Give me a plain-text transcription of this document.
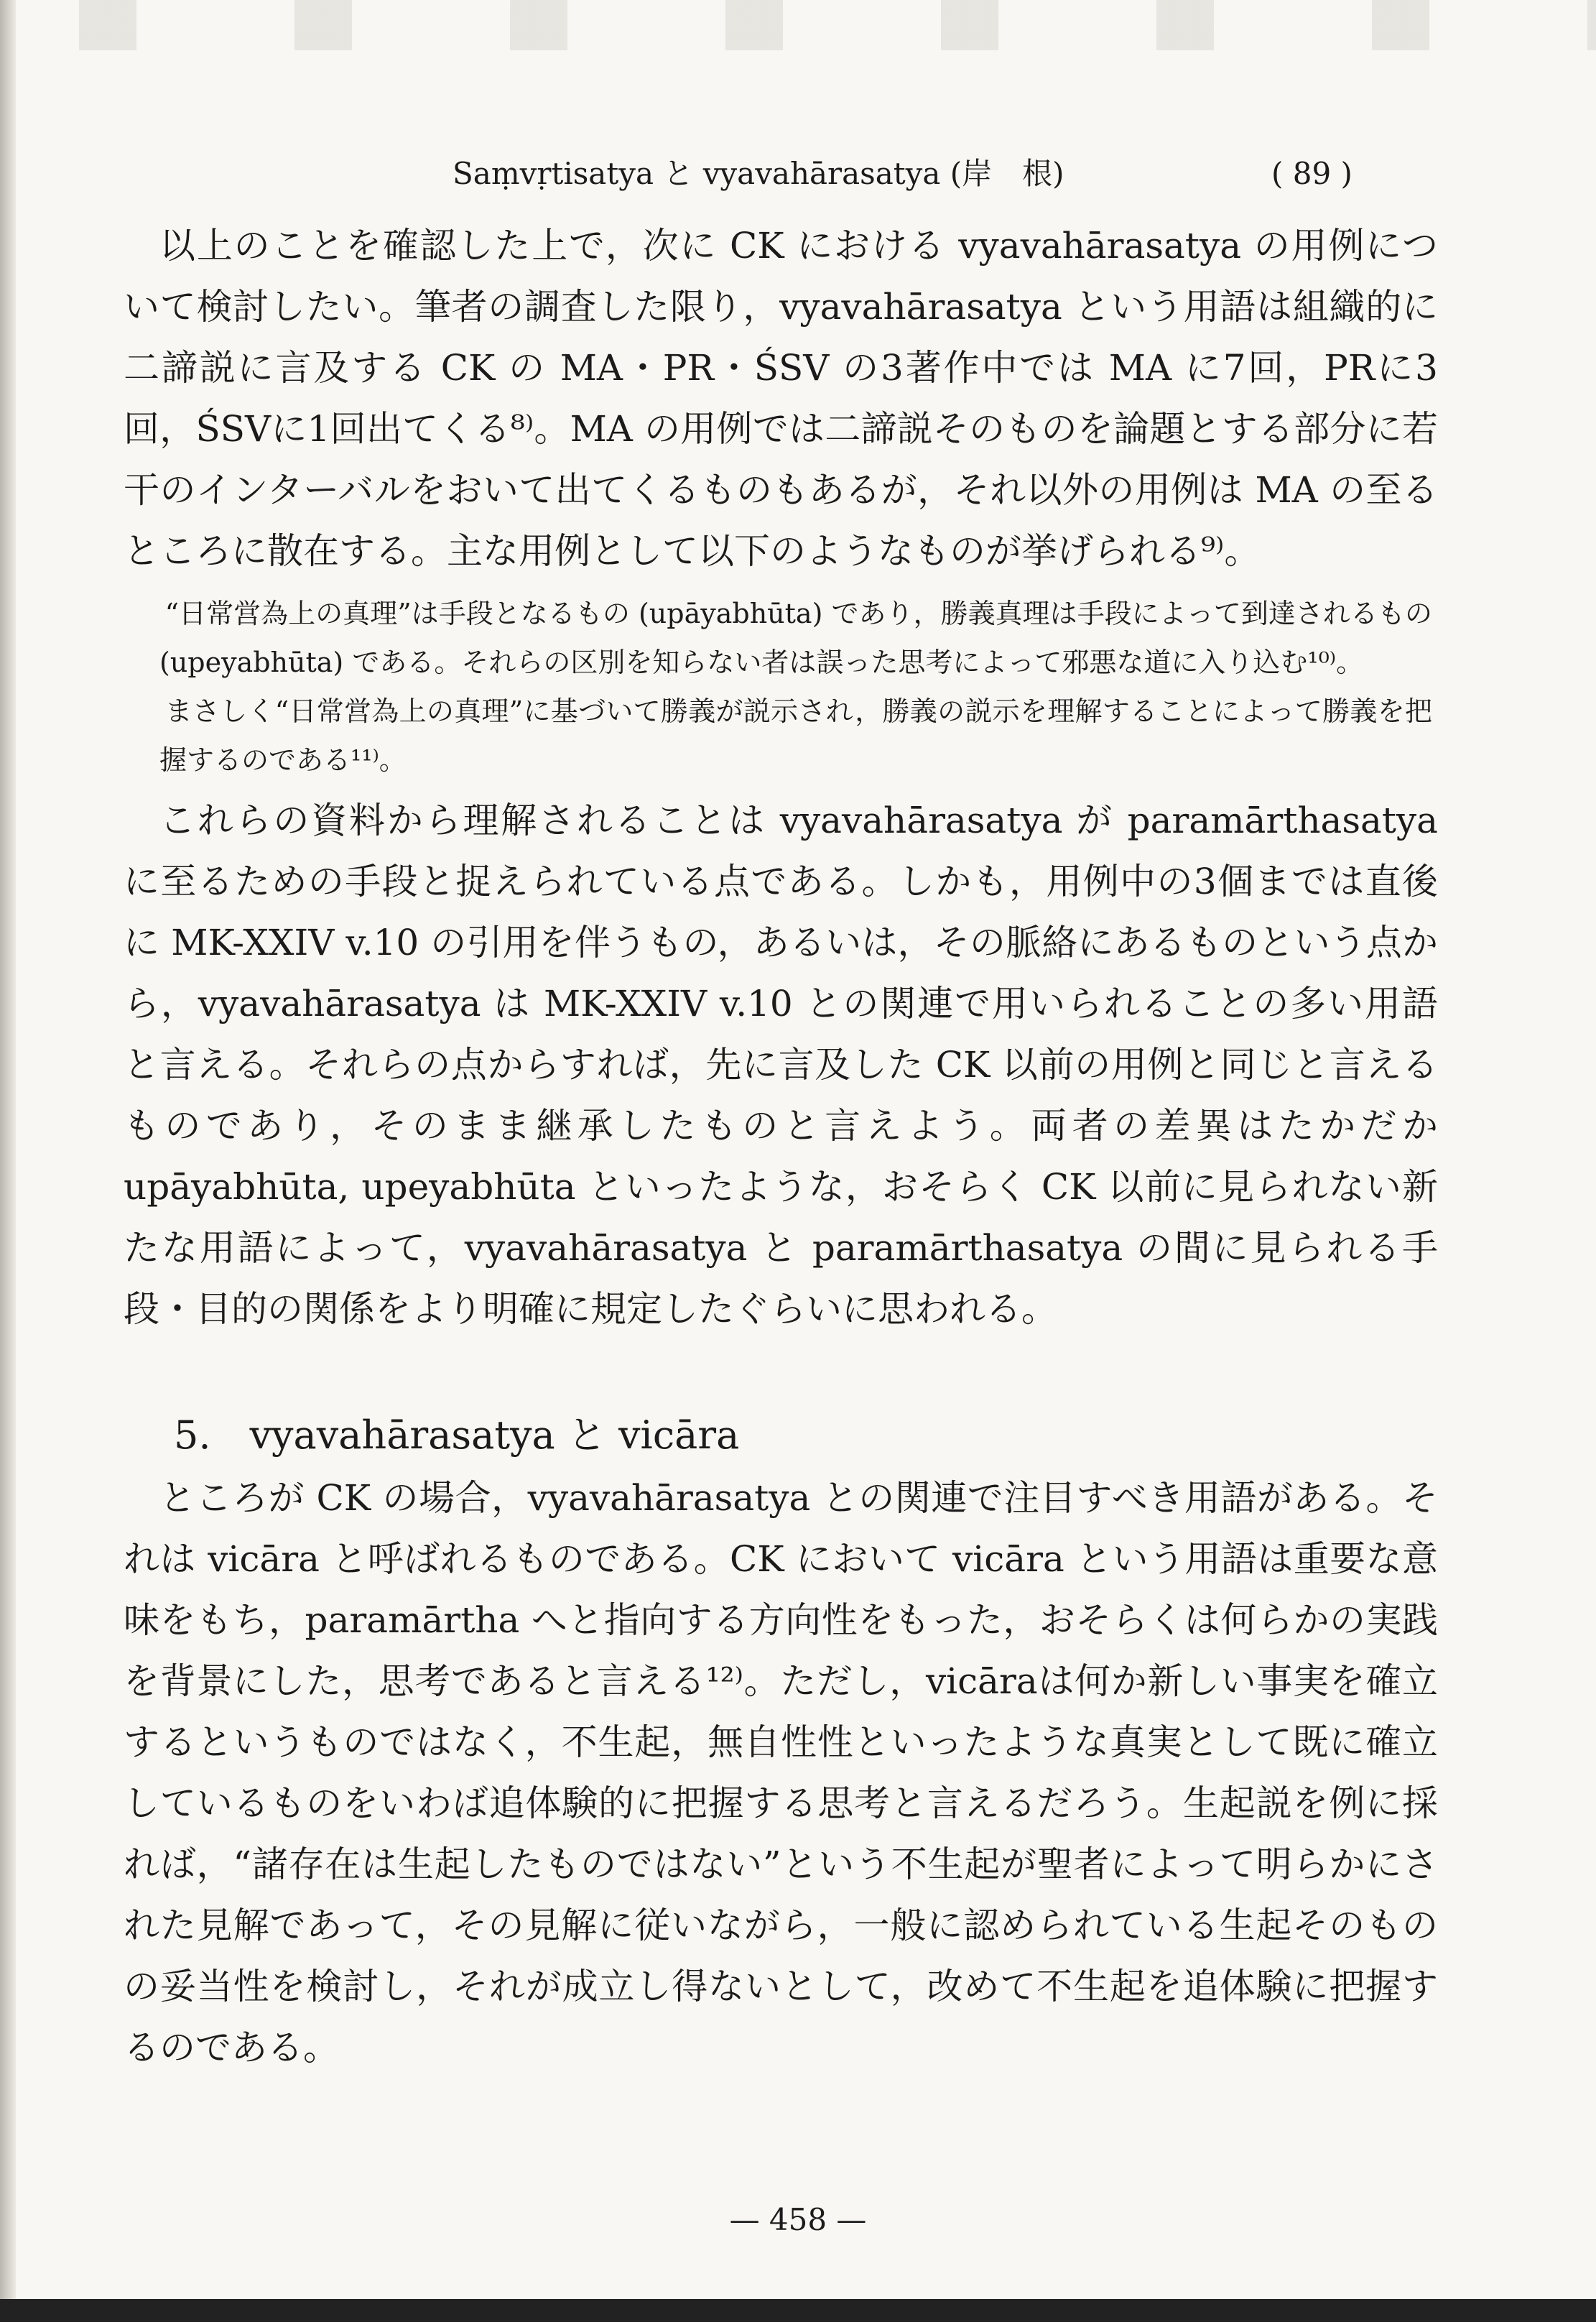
Saṃvṛtisatya と vyavahārasatya (岸　根)	( 89 )

以上のことを確認した上で，次に CK における vyavahārasatya の用例について検討したい。筆者の調査した限り，vyavahārasatya という用語は組織的に二諦説に言及する CK の MA・PR・ŚSV の3著作中では MA に7回，PRに3回，ŚSVに1回出てくる⁸⁾。MA の用例では二諦説そのものを論題とする部分に若干のインターバルをおいて出てくるものもあるが，それ以外の用例は MA の至るところに散在する。主な用例として以下のようなものが挙げられる⁹⁾。

“日常営為上の真理”は手段となるもの (upāyabhūta) であり，勝義真理は手段によって到達されるもの (upeyabhūta) である。それらの区別を知らない者は誤った思考によって邪悪な道に入り込む¹⁰⁾。

まさしく“日常営為上の真理”に基づいて勝義が説示され，勝義の説示を理解することによって勝義を把握するのである¹¹⁾。

これらの資料から理解されることは vyavahārasatya が paramārthasatya に至るための手段と捉えられている点である。しかも，用例中の3個までは直後に MK-XXIV v.10 の引用を伴うもの，あるいは，その脈絡にあるものという点から，vyavahārasatya は MK-XXIV v.10 との関連で用いられることの多い用語と言える。それらの点からすれば，先に言及した CK 以前の用例と同じと言えるものであり，そのまま継承したものと言えよう。両者の差異はたかだか upāyabhūta, upeyabhūta といったような，おそらく CK 以前に見られない新たな用語によって，vyavahārasatya と paramārthasatya の間に見られる手段・目的の関係をより明確に規定したぐらいに思われる。

5.　vyavahārasatya と vicāra

ところが CK の場合，vyavahārasatya との関連で注目すべき用語がある。それは vicāra と呼ばれるものである。CK において vicāra という用語は重要な意味をもち，paramārtha へと指向する方向性をもった，おそらくは何らかの実践を背景にした，思考であると言える¹²⁾。ただし，vicāraは何か新しい事実を確立するというものではなく，不生起，無自性性といったような真実として既に確立しているものをいわば追体験的に把握する思考と言えるだろう。生起説を例に採れば，“諸存在は生起したものではない”という不生起が聖者によって明らかにされた見解であって，その見解に従いながら，一般に認められている生起そのものの妥当性を検討し，それが成立し得ないとして，改めて不生起を追体験に把握するのである。

— 458 —
